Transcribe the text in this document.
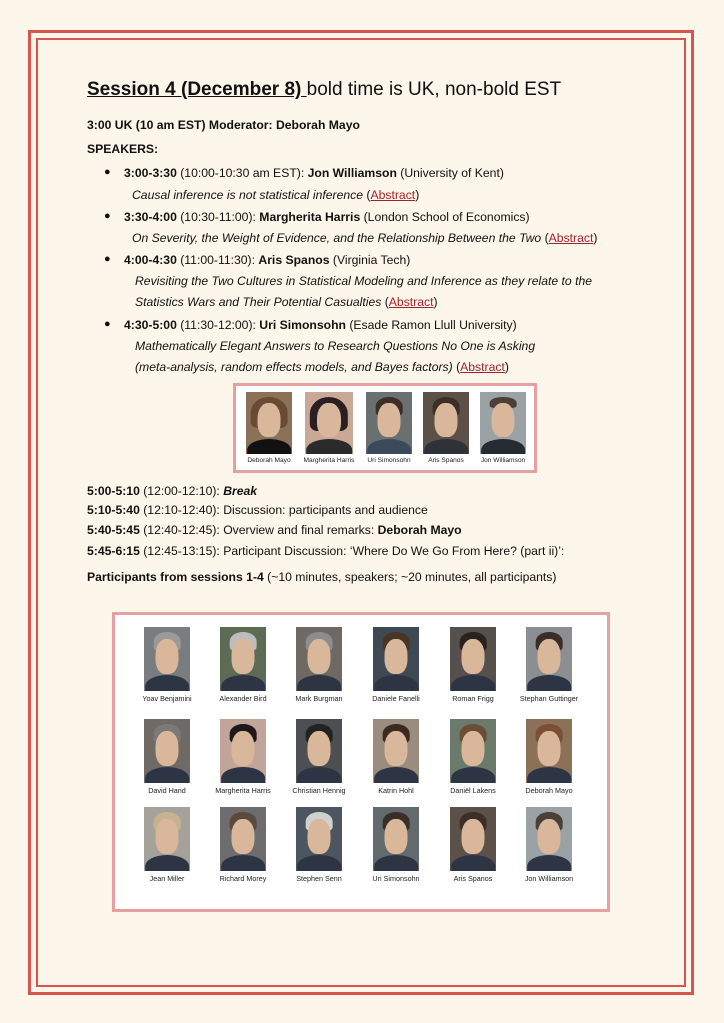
Session 4 (December 8) bold time is UK, non-bold EST
3:00 UK (10 am EST) Moderator: Deborah Mayo
SPEAKERS:
● 3:00-3:30 (10:00-10:30 am EST): Jon Williamson (University of Kent)
Causal inference is not statistical inference (Abstract)
● 3:30-4:00 (10:30-11:00): Margherita Harris (London School of Economics)
On Severity, the Weight of Evidence, and the Relationship Between the Two (Abstract)
● 4:00-4:30 (11:00-11:30): Aris Spanos (Virginia Tech)
Revisiting the Two Cultures in Statistical Modeling and Inference as they relate to the
Statistics Wars and Their Potential Casualties (Abstract)
● 4:30-5:00 (11:30-12:00): Uri Simonsohn (Esade Ramon Llull University)
Mathematically Elegant Answers to Research Questions No One is Asking
(meta-analysis, random effects models, and Bayes factors) (Abstract)
Deborah Mayo	Margherita Harris	Uri Simonsohn	Aris Spanos	Jon Williamson
5:00-5:10 (12:00-12:10): Break
5:10-5:40 (12:10-12:40): Discussion: participants and audience
5:40-5:45 (12:40-12:45): Overview and final remarks: Deborah Mayo
5:45-6:15 (12:45-13:15): Participant Discussion: ‘Where Do We Go From Here? (part ii)’:
Participants from sessions 1-4 (~10 minutes, speakers; ~20 minutes, all participants)
Yoav Benjamini	Alexander Bird	Mark Burgman	Daniele Fanelli	Roman Frigg	Stephan Guttinger
David Hand	Margherita Harris	Christian Hennig	Katrin Hohl	Daniël Lakens	Deborah Mayo
Jean Miller	Richard Morey	Stephen Senn	Uri Simonsohn	Aris Spanos	Jon Williamson
